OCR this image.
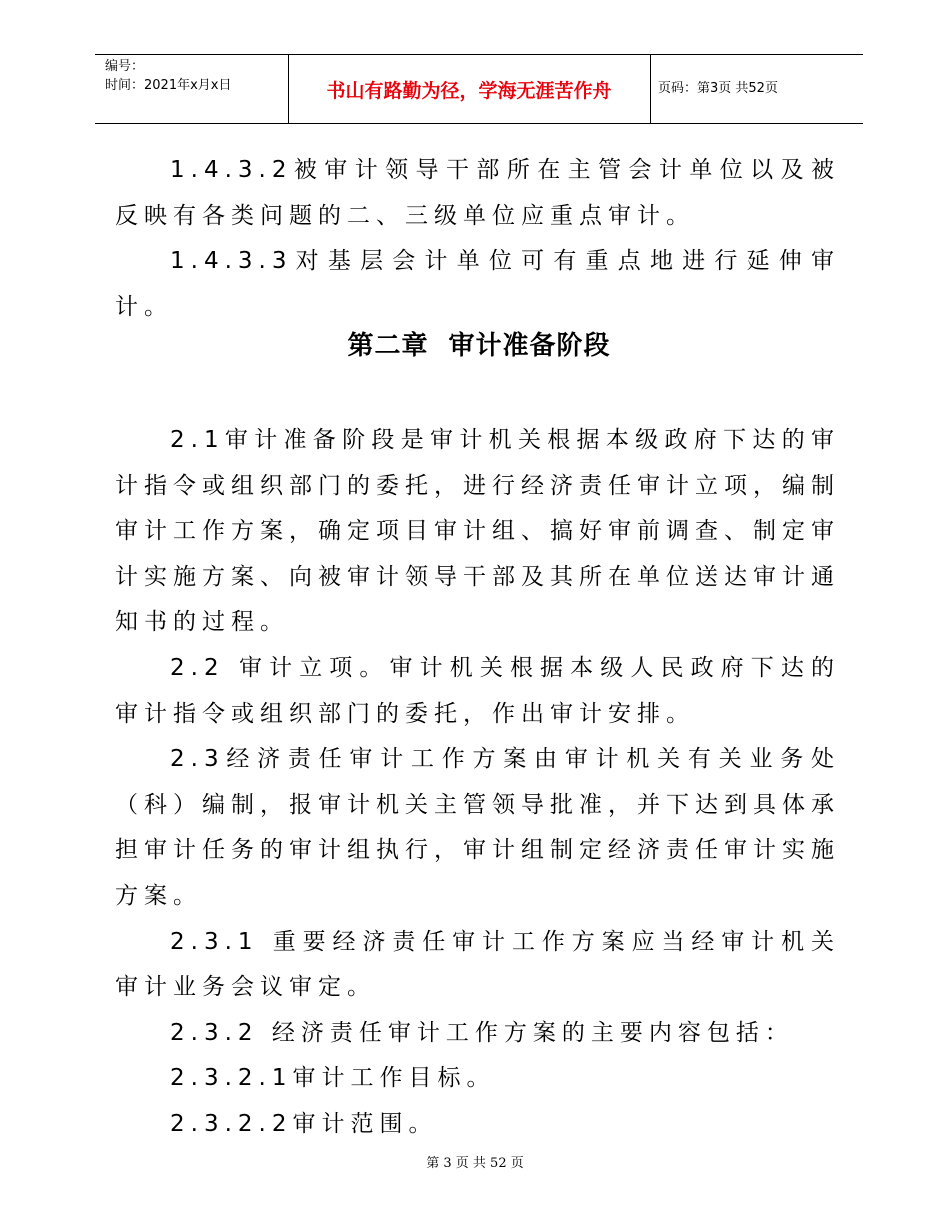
编号：
时间：2021年x月x日	书山有路勤为径，学海无涯苦作舟	页码：第3页 共52页

1.4.3.2被审计领导干部所在主管会计单位以及被反映有各类问题的二、三级单位应重点审计。

1.4.3.3对基层会计单位可有重点地进行延伸审计。

第二章  审计准备阶段

2.1审计准备阶段是审计机关根据本级政府下达的审计指令或组织部门的委托，进行经济责任审计立项，编制审计工作方案，确定项目审计组、搞好审前调查、制定审计实施方案、向被审计领导干部及其所在单位送达审计通知书的过程。

2.2 审计立项。审计机关根据本级人民政府下达的审计指令或组织部门的委托，作出审计安排。

2.3经济责任审计工作方案由审计机关有关业务处（科）编制，报审计机关主管领导批准，并下达到具体承担审计任务的审计组执行，审计组制定经济责任审计实施方案。

2.3.1 重要经济责任审计工作方案应当经审计机关审计业务会议审定。

2.3.2 经济责任审计工作方案的主要内容包括：

2.3.2.1审计工作目标。

2.3.2.2审计范围。

第 3 页 共 52 页
